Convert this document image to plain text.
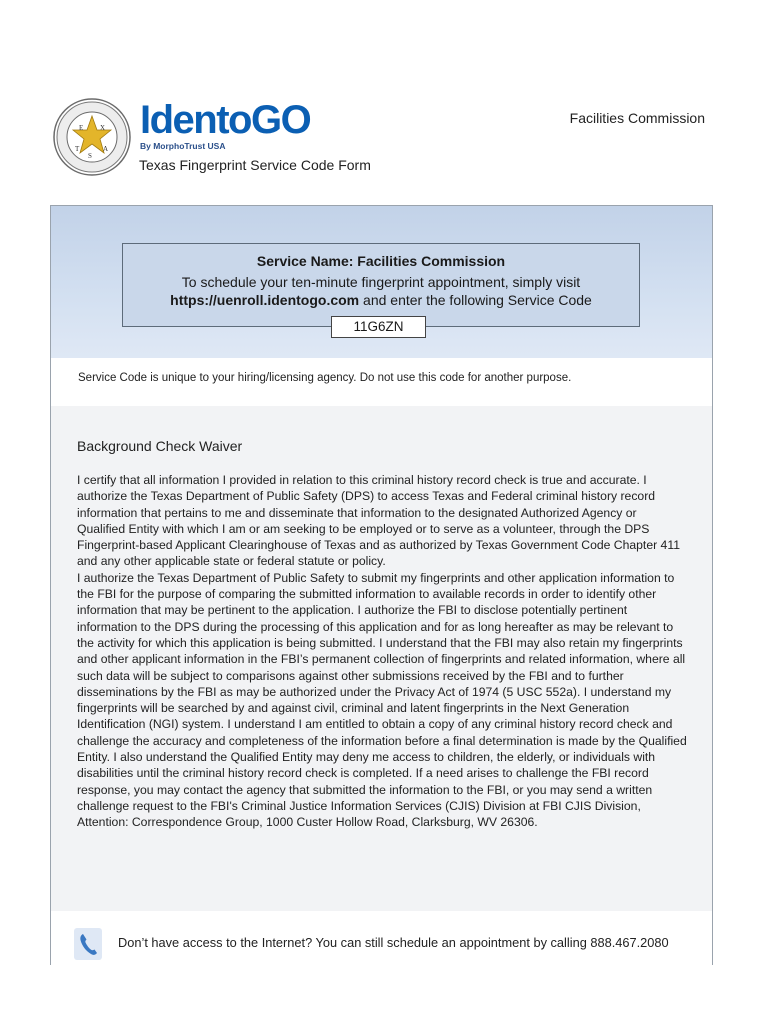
E X
A
S
T
IdentoGO
By MorphoTrust USA
Facilities Commission
Texas Fingerprint Service Code Form
Service Name: Facilities Commission
To schedule your ten-minute fingerprint appointment, simply visit
https://uenroll.identogo.com and enter the following Service Code
11G6ZN
Service Code is unique to your hiring/licensing agency. Do not use this code for another purpose.
Background Check Waiver

I certify that all information I provided in relation to this criminal history record check is true and accurate. I authorize the Texas Department of Public Safety (DPS) to access Texas and Federal criminal history record information that pertains to me and disseminate that information to the designated Authorized Agency or Qualified Entity with which I am or am seeking to be employed or to serve as a volunteer, through the DPS Fingerprint-based Applicant Clearinghouse of Texas and as authorized by Texas Government Code Chapter 411 and any other applicable state or federal statute or policy.

I authorize the Texas Department of Public Safety to submit my fingerprints and other application information to the FBI for the purpose of comparing the submitted information to available records in order to identify other information that may be pertinent to the application. I authorize the FBI to disclose potentially pertinent information to the DPS during the processing of this application and for as long hereafter as may be relevant to the activity for which this application is being submitted. I understand that the FBI may also retain my fingerprints and other applicant information in the FBI’s permanent collection of fingerprints and related information, where all such data will be subject to comparisons against other submissions received by the FBI and to further disseminations by the FBI as may be authorized under the Privacy Act of 1974 (5 USC 552a). I understand my fingerprints will be searched by and against civil, criminal and latent fingerprints in the Next Generation Identification (NGI) system. I understand I am entitled to obtain a copy of any criminal history record check and challenge the accuracy and completeness of the information before a final determination is made by the Qualified Entity. I also understand the Qualified Entity may deny me access to children, the elderly, or individuals with disabilities until the criminal history record check is completed. If a need arises to challenge the FBI record response, you may contact the agency that submitted the information to the FBI, or you may send a written challenge request to the FBI's Criminal Justice Information Services (CJIS) Division at FBI CJIS Division, Attention: Correspondence Group, 1000 Custer Hollow Road, Clarksburg, WV 26306.

Don’t have access to the Internet? You can still schedule an appointment by calling 888.467.2080
